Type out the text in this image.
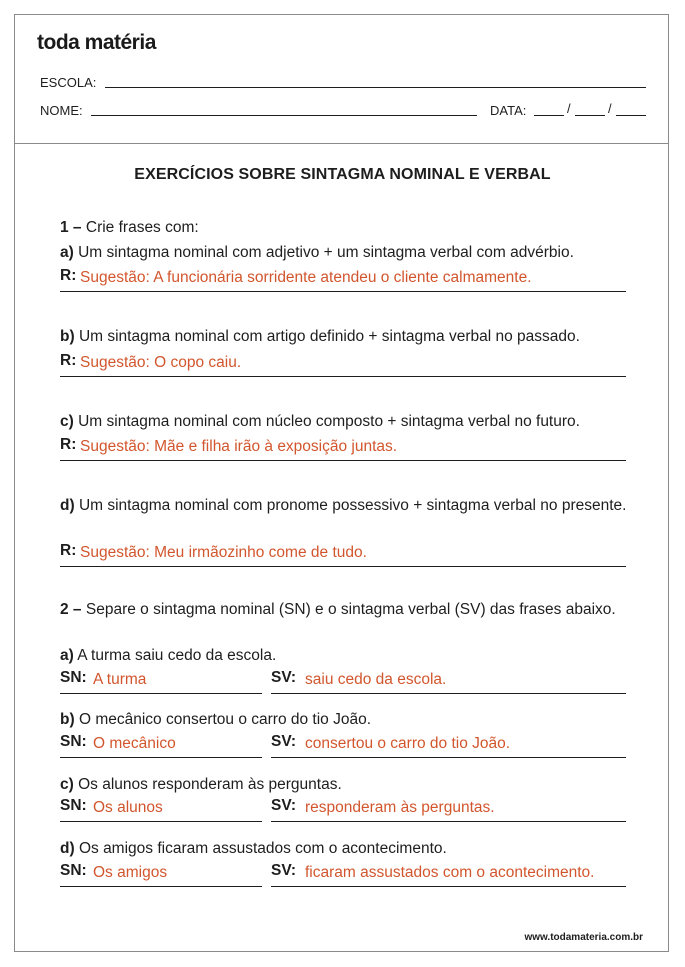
toda matéria
ESCOLA:
NOME:	DATA:	/	/
EXERCÍCIOS SOBRE SINTAGMA NOMINAL E VERBAL
1 – Crie frases com:
a) Um sintagma nominal com adjetivo + um sintagma verbal com advérbio.
R: Sugestão: A funcionária sorridente atendeu o cliente calmamente.
b) Um sintagma nominal com artigo definido + sintagma verbal no passado.
R: Sugestão: O copo caiu.
c) Um sintagma nominal com núcleo composto + sintagma verbal no futuro.
R: Sugestão: Mãe e filha irão à exposição juntas.
d) Um sintagma nominal com pronome possessivo + sintagma verbal no presente.
R: Sugestão: Meu irmãozinho come de tudo.
2 – Separe o sintagma nominal (SN) e o sintagma verbal (SV) das frases abaixo.
a) A turma saiu cedo da escola.
SN: A turma	SV: saiu cedo da escola.
b) O mecânico consertou o carro do tio João.
SN: O mecânico	SV: consertou o carro do tio João.
c) Os alunos responderam às perguntas.
SN: Os alunos	SV: responderam às perguntas.
d) Os amigos ficaram assustados com o acontecimento.
SN: Os amigos	SV: ficaram assustados com o acontecimento.
www.todamateria.com.br
